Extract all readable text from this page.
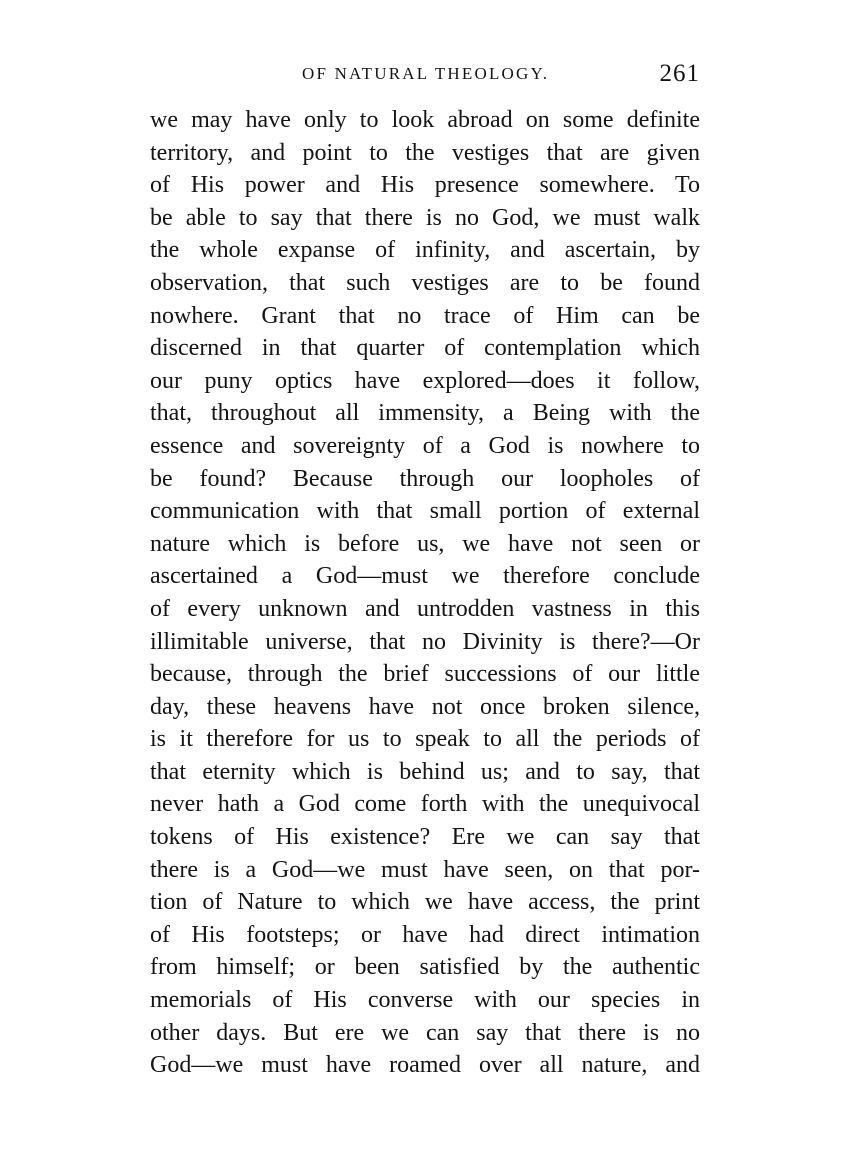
OF NATURAL THEOLOGY.	261
we may have only to look abroad on some definite
territory, and point to the vestiges that are given
of His power and His presence somewhere. To
be able to say that there is no God, we must walk
the whole expanse of infinity, and ascertain, by
observation, that such vestiges are to be found
nowhere. Grant that no trace of Him can be
discerned in that quarter of contemplation which
our puny optics have explored—does it follow,
that, throughout all immensity, a Being with the
essence and sovereignty of a God is nowhere to
be found? Because through our loopholes of
communication with that small portion of external
nature which is before us, we have not seen or
ascertained a God—must we therefore conclude
of every unknown and untrodden vastness in this
illimitable universe, that no Divinity is there?—Or
because, through the brief successions of our little
day, these heavens have not once broken silence,
is it therefore for us to speak to all the periods of
that eternity which is behind us; and to say, that
never hath a God come forth with the unequivocal
tokens of His existence? Ere we can say that
there is a God—we must have seen, on that por-
tion of Nature to which we have access, the print
of His footsteps; or have had direct intimation
from himself; or been satisfied by the authentic
memorials of His converse with our species in
other days. But ere we can say that there is no
God—we must have roamed over all nature, and
